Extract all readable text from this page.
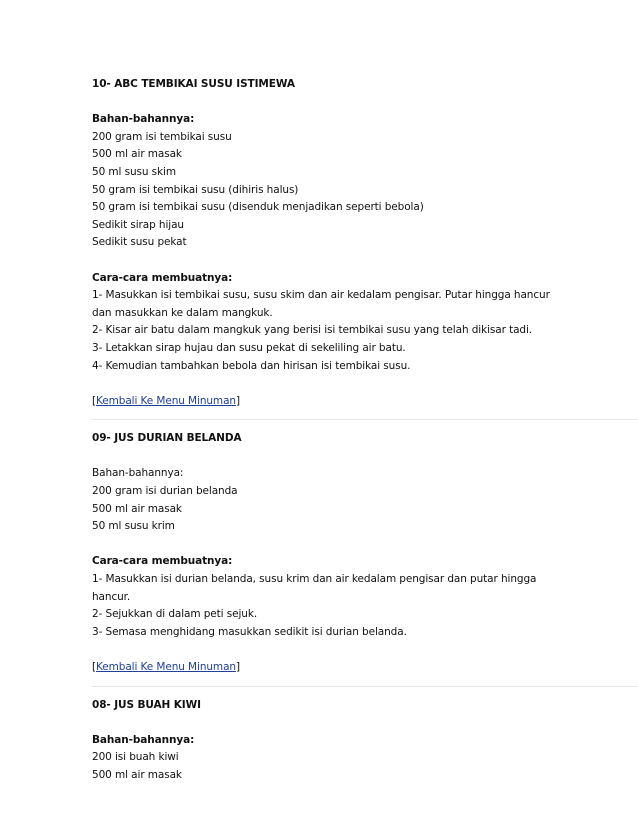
10- ABC TEMBIKAI SUSU ISTIMEWA
Bahan-bahannya:
200 gram isi tembikai susu
500 ml air masak
50 ml susu skim
50 gram isi tembikai susu (dihiris halus)
50 gram isi tembikai susu (disenduk menjadikan seperti bebola)
Sedikit sirap hijau
Sedikit susu pekat
Cara-cara membuatnya:
1- Masukkan isi tembikai susu, susu skim dan air kedalam pengisar. Putar hingga hancur
dan masukkan ke dalam mangkuk.
2- Kisar air batu dalam mangkuk yang berisi isi tembikai susu yang telah dikisar tadi.
3- Letakkan sirap hujau dan susu pekat di sekeliling air batu.
4- Kemudian tambahkan bebola dan hirisan isi tembikai susu.
[Kembali Ke Menu Minuman]
09- JUS DURIAN BELANDA
Bahan-bahannya:
200 gram isi durian belanda
500 ml air masak
50 ml susu krim
Cara-cara membuatnya:
1- Masukkan isi durian belanda, susu krim dan air kedalam pengisar dan putar hingga
hancur.
2- Sejukkan di dalam peti sejuk.
3- Semasa menghidang masukkan sedikit isi durian belanda.
[Kembali Ke Menu Minuman]
08- JUS BUAH KIWI
Bahan-bahannya:
200 isi buah kiwi
500 ml air masak
